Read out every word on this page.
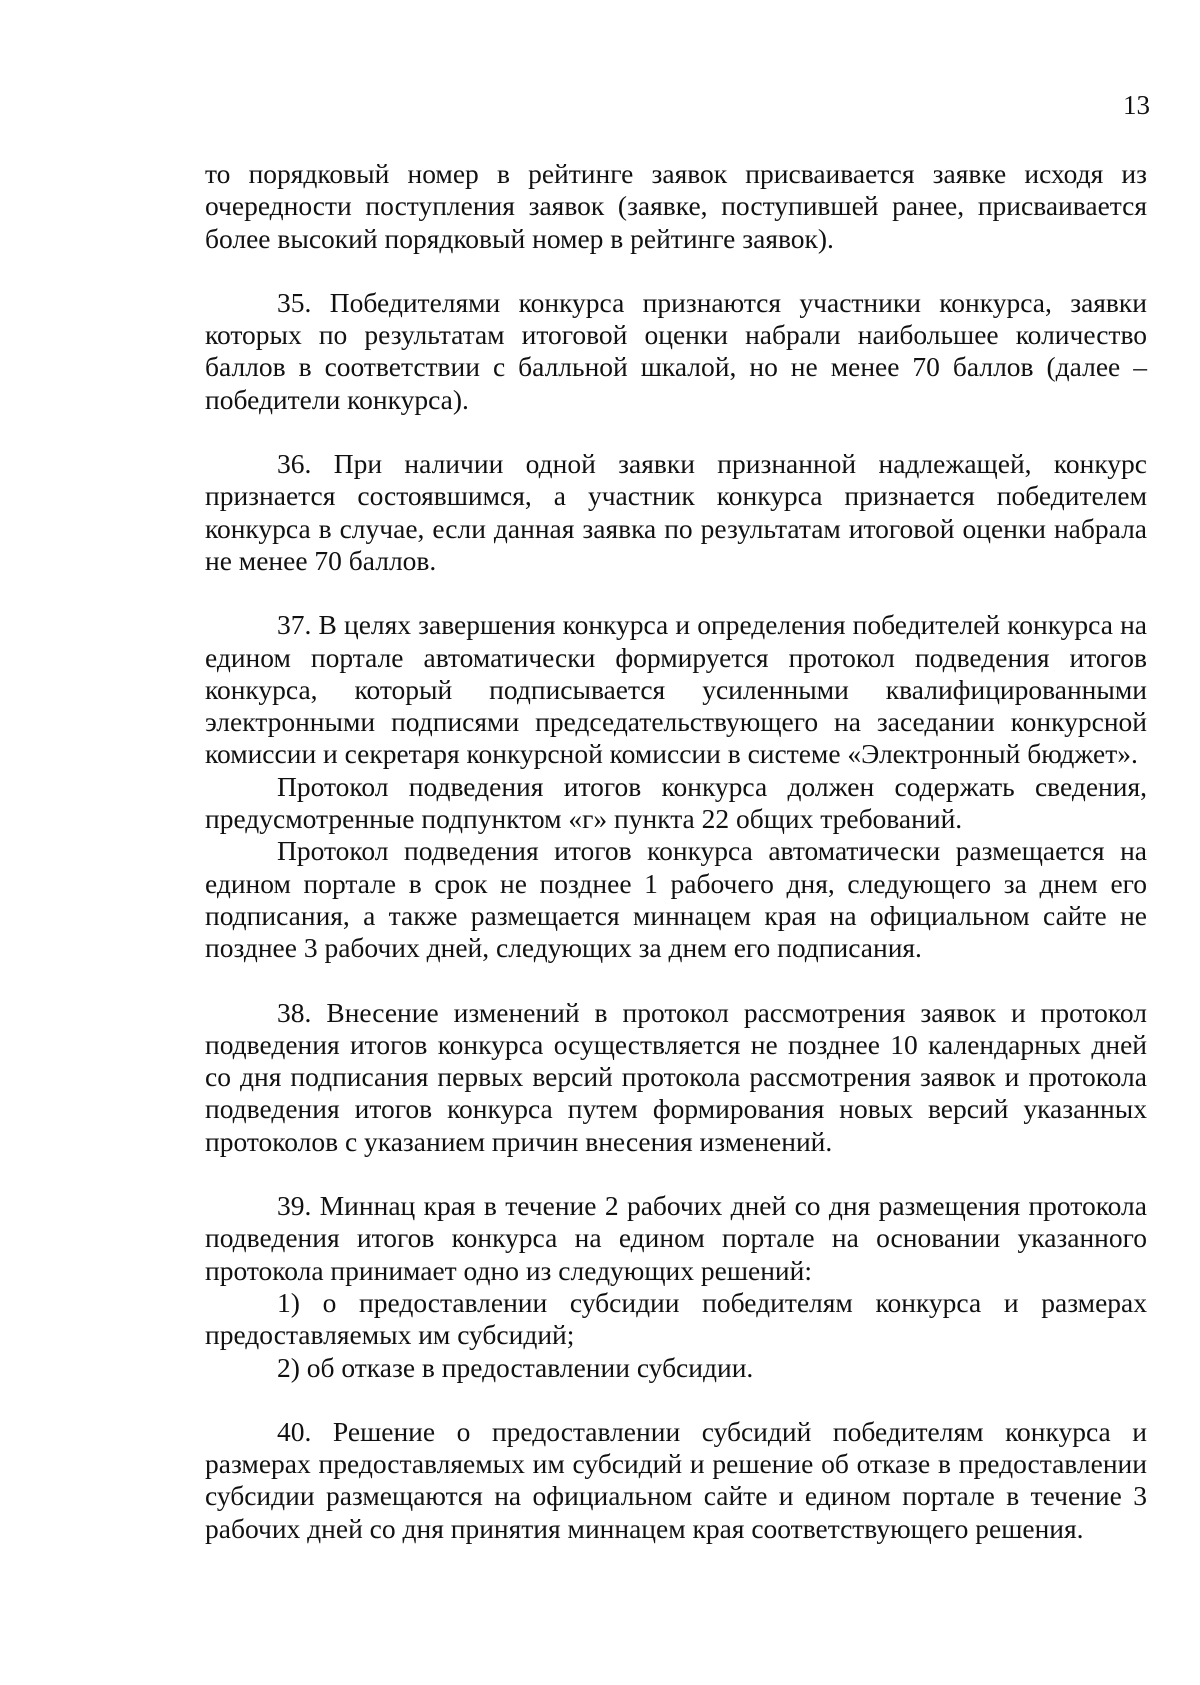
13

то порядковый номер в рейтинге заявок присваивается заявке исходя из очередности поступления заявок (заявке, поступившей ранее, присваивается более высокий порядковый номер в рейтинге заявок).

35. Победителями конкурса признаются участники конкурса, заявки которых по результатам итоговой оценки набрали наибольшее количество баллов в соответствии с балльной шкалой, но не менее 70 баллов (далее – победители конкурса).

36. При наличии одной заявки признанной надлежащей, конкурс признается состоявшимся, а участник конкурса признается победителем конкурса в случае, если данная заявка по результатам итоговой оценки набрала не менее 70 баллов.

37. В целях завершения конкурса и определения победителей конкурса на едином портале автоматически формируется протокол подведения итогов конкурса, который подписывается усиленными квалифицированными электронными подписями председательствующего на заседании конкурсной комиссии и секретаря конкурсной комиссии в системе «Электронный бюджет».

Протокол подведения итогов конкурса должен содержать сведения, предусмотренные подпунктом «г» пункта 22 общих требований.

Протокол подведения итогов конкурса автоматически размещается на едином портале в срок не позднее 1 рабочего дня, следующего за днем его подписания, а также размещается миннацем края на официальном сайте не позднее 3 рабочих дней, следующих за днем его подписания.

38. Внесение изменений в протокол рассмотрения заявок и протокол подведения итогов конкурса осуществляется не позднее 10 календарных дней со дня подписания первых версий протокола рассмотрения заявок и протокола подведения итогов конкурса путем формирования новых версий указанных протоколов с указанием причин внесения изменений.

39. Миннац края в течение 2 рабочих дней со дня размещения протокола подведения итогов конкурса на едином портале на основании указанного протокола принимает одно из следующих решений:

1) о предоставлении субсидии победителям конкурса и размерах предоставляемых им субсидий;

2) об отказе в предоставлении субсидии.

40. Решение о предоставлении субсидий победителям конкурса и размерах предоставляемых им субсидий и решение об отказе в предоставлении субсидии размещаются на официальном сайте и едином портале в течение 3 рабочих дней со дня принятия миннацем края соответствующего решения.
